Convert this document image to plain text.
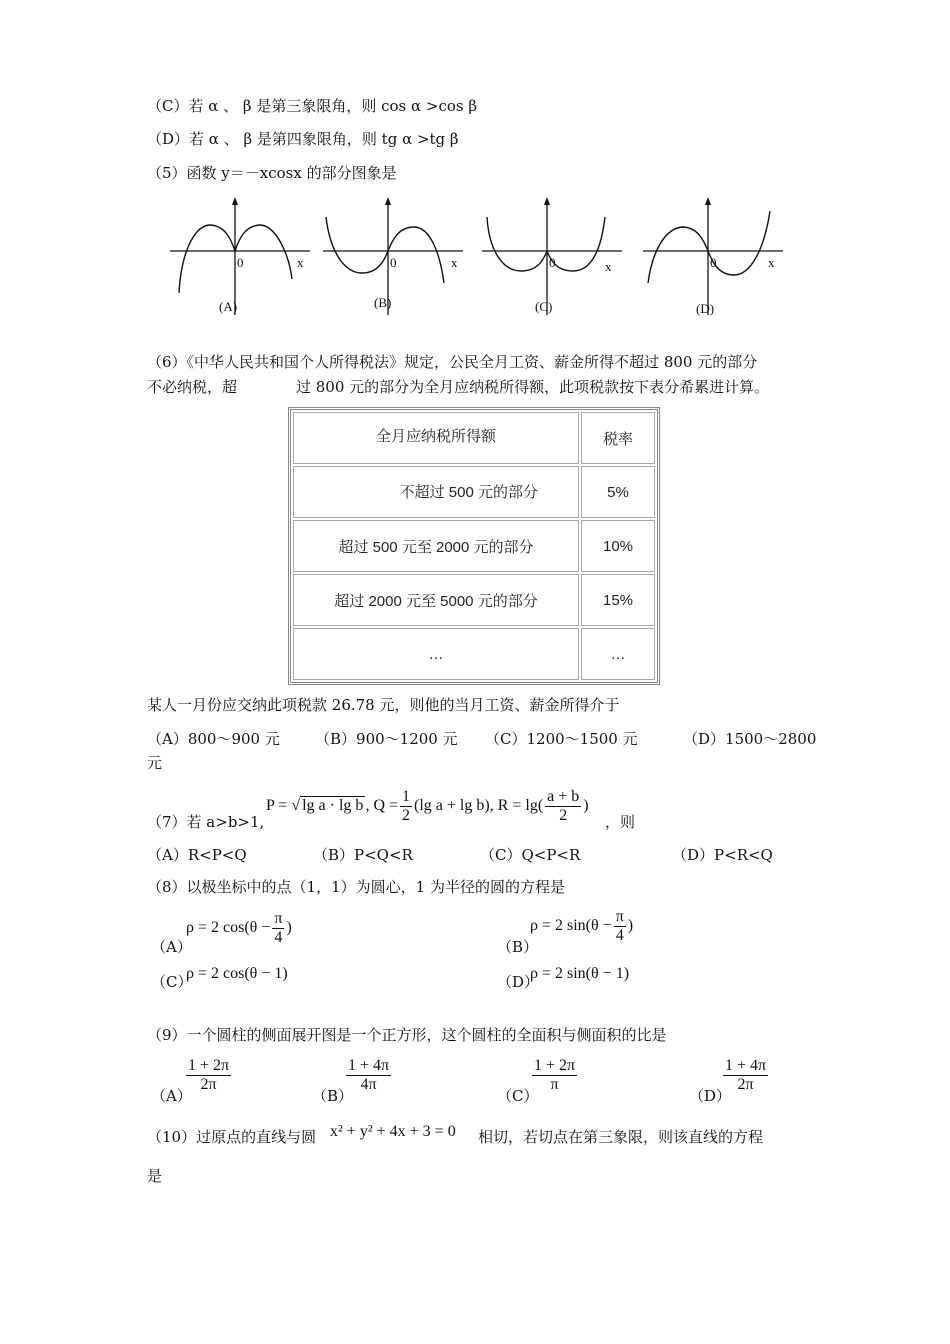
（C）若 α 、 β 是第三象限角，则 cos α >cos β
（D）若 α 、 β 是第四象限角，则 tg α >tg β
（5）函数 y＝－xcosx 的部分图象是
0	x
(A)
0	x
(B)
0	x
(C)
0	x
(D)
（6）《中华人民共和国个人所得税法》规定，公民全月工资、薪金所得不超过 800 元的部分
不必纳税，超	过 800 元的部分为全月应纳税所得额，此项税款按下表分希累进计算。
全月应纳税所得额	税率
不超过 500 元的部分	5%
超过 500 元至 2000 元的部分	10%
超过 2000 元至 5000 元的部分	15%
…	…
某人一月份应交纳此项税款 26.78 元，则他的当月工资、薪金所得介于
（A）800～900 元 （B）900～1200 元 （C）1200～1500 元	（D）1500～2800
元
（7）若 a>b>1,
P = √ lg a · lg b , $Q = \frac{1}{2} (\lg$ a + lg b), $R = \lg( \frac{a + b}{2}$ )
，则
（A）R<P<Q	（B）P<Q<R	（C）Q<P<R	（D）P<R<Q
（8）以极坐标中的点（1，1）为圆心，1 为半径的圆的方程是
（A）
ρ = 2 $\cos(\theta - \frac{\pi}{4}$ )
（B）
ρ = 2 $\sin(\theta - \frac{\pi}{4}$ )
（C）
ρ = 2 cos(θ − 1)	（D）
ρ = 2 sin(θ − 1)
（9）一个圆柱的侧面展开图是一个正方形，这个圆柱的全面积与侧面积的比是
（A）
$\frac{1 + 2\pi}{2\pi}$
（B）
$\frac{1 + 4\pi}{4\pi}$
（C）
$\frac{1 + 2\pi}{\pi}$
（D）
$\frac{1 + 4\pi}{2\pi}$
（10）过原点的直线与圆 x² + y² + 4x + 3 = 0 相切，若切点在第三象限，则该直线的方程
是
